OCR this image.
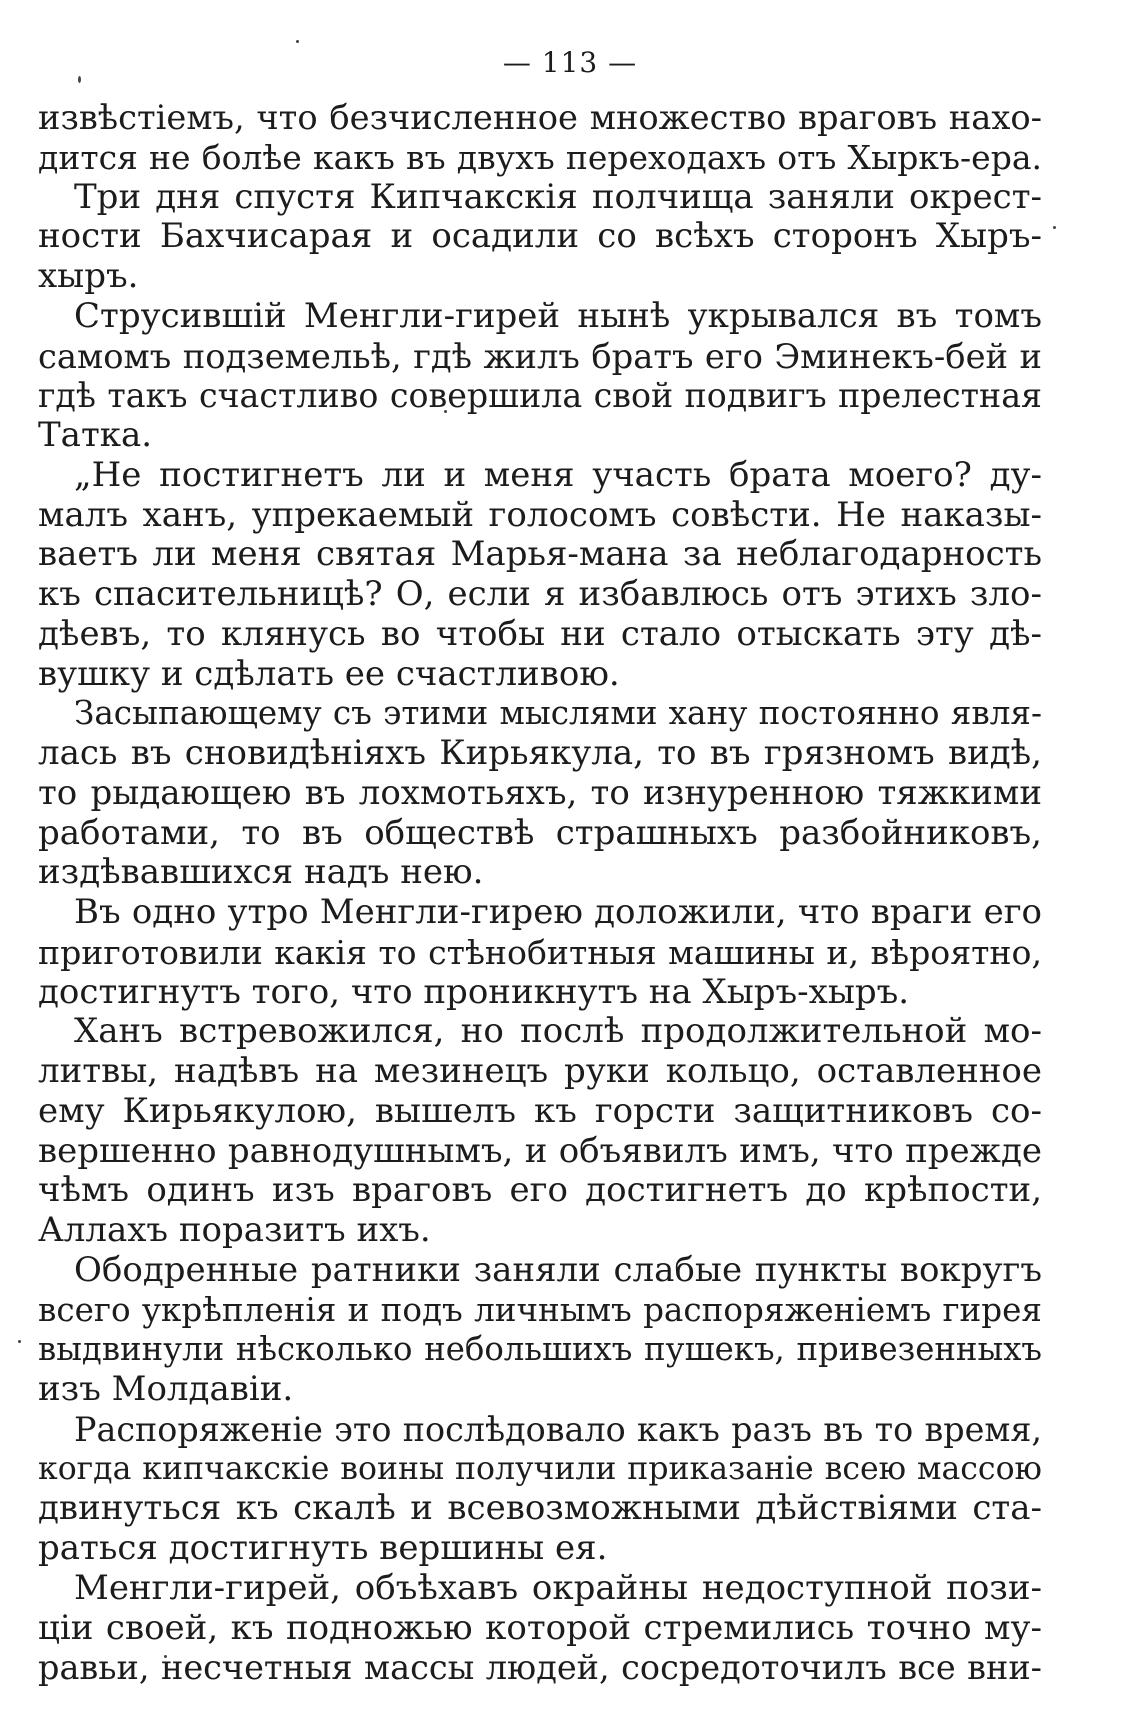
— 113 —
извѣстіемъ, что безчисленное множество враговъ нахо-
дится не болѣе какъ въ двухъ переходахъ отъ Хыркъ-ера.
Три дня спустя Кипчакскія полчища заняли окрест-
ности Бахчисарая и осадили со всѣхъ сторонъ Хыръ-
хыръ.
Струсившій Менгли-гирей нынѣ укрывался въ томъ
самомъ подземельѣ, гдѣ жилъ братъ его Эминекъ-бей и
гдѣ такъ счастливо совершила свой подвигъ прелестная
Татка.
„Не постигнетъ ли и меня участь брата моего? ду-
малъ ханъ, упрекаемый голосомъ совѣсти. Не наказы-
ваетъ ли меня святая Марья-мана за неблагодарность
къ спасительницѣ? О, если я избавлюсь отъ этихъ зло-
дѣевъ, то клянусь во чтобы ни стало отыскать эту дѣ-
вушку и сдѣлать ее счастливою.
Засыпающему съ этими мыслями хану постоянно явля-
лась въ сновидѣніяхъ Кирьякула, то въ грязномъ видѣ,
то рыдающею въ лохмотьяхъ, то изнуренною тяжкими
работами, то въ обществѣ страшныхъ разбойниковъ,
издѣвавшихся надъ нею.
Въ одно утро Менгли-гирею доложили, что враги его
приготовили какія то стѣнобитныя машины и, вѣроятно,
достигнутъ того, что проникнутъ на Хыръ-хыръ.
Ханъ встревожился, но послѣ продолжительной мо-
литвы, надѣвъ на мезинецъ руки кольцо, оставленное
ему Кирьякулою, вышелъ къ горсти защитниковъ со-
вершенно равнодушнымъ, и объявилъ имъ, что прежде
чѣмъ одинъ изъ враговъ его достигнетъ до крѣпости,
Аллахъ поразитъ ихъ.
Ободренные ратники заняли слабые пункты вокругъ
всего укрѣпленія и подъ личнымъ распоряженіемъ гирея
выдвинули нѣсколько небольшихъ пушекъ, привезенныхъ
изъ Молдавіи.
Распоряженіе это послѣдовало какъ разъ въ то время,
когда кипчакскіе воины получили приказаніе всею массою
двинуться къ скалѣ и всевозможными дѣйствіями ста-
раться достигнуть вершины ея.
Менгли-гирей, объѣхавъ окрайны недоступной пози-
ціи своей, къ подножью которой стремились точно му-
равьи, несчетныя массы людей, сосредоточилъ все вни-
